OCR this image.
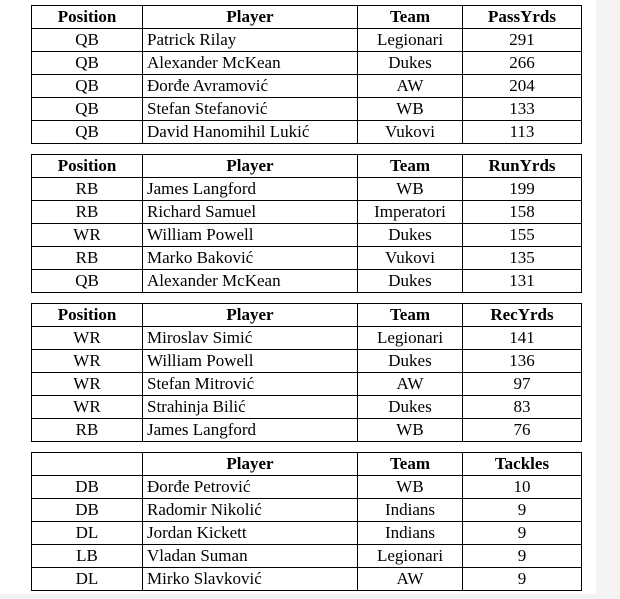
Position	Player	Team	PassYrds
QB	Patrick Rilay	Legionari	291
QB	Alexander McKean	Dukes	266
QB	Đorđe Avramović	AW	204
QB	Stefan Stefanović	WB	133
QB	David Hanomihil Lukić	Vukovi	113
Position	Player	Team	RunYrds
RB	James Langford	WB	199
RB	Richard Samuel	Imperatori	158
WR	William Powell	Dukes	155
RB	Marko Baković	Vukovi	135
QB	Alexander McKean	Dukes	131
Position	Player	Team	RecYrds
WR	Miroslav Simić	Legionari	141
WR	William Powell	Dukes	136
WR	Stefan Mitrović	AW	97
WR	Strahinja Bilić	Dukes	83
RB	James Langford	WB	76
	Player	Team	Tackles
DB	Đorđe Petrović	WB	10
DB	Radomir Nikolić	Indians	9
DL	Jordan Kickett	Indians	9
LB	Vladan Suman	Legionari	9
DL	Mirko Slavković	AW	9
